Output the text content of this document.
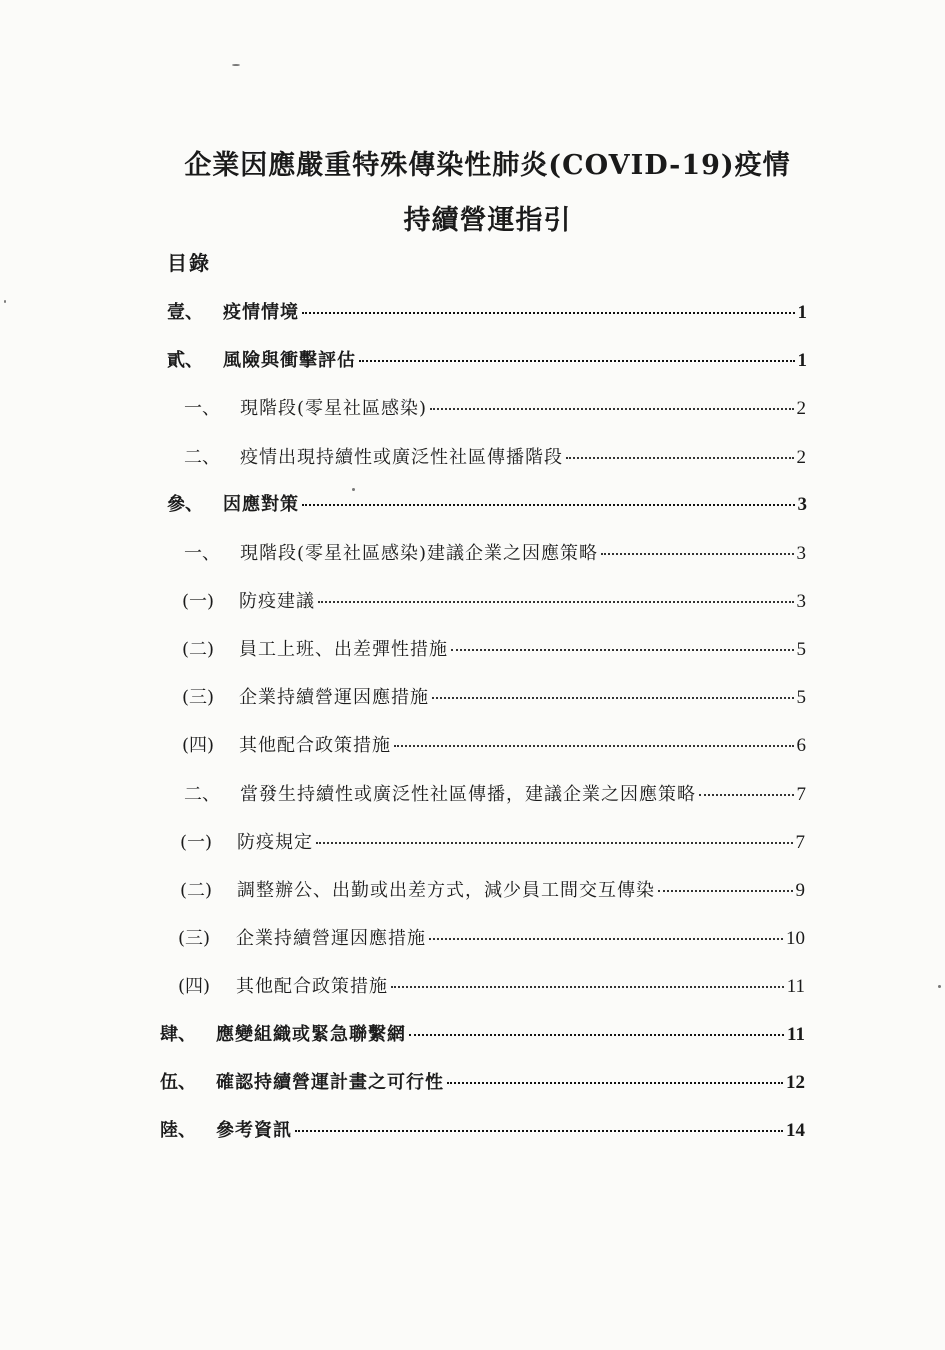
企業因應嚴重特殊傳染性肺炎(COVID-19)疫情
持續營運指引
目錄
壹、	疫情情境	1
貳、	風險與衝擊評估	1
一、	現階段(零星社區感染)	2
二、	疫情出現持續性或廣泛性社區傳播階段	2
參、	因應對策	3
一、	現階段(零星社區感染)建議企業之因應策略	3
(一)	防疫建議	3
(二)	員工上班、出差彈性措施	5
(三)	企業持續營運因應措施	5
(四)	其他配合政策措施	6
二、	當發生持續性或廣泛性社區傳播，建議企業之因應策略	7
(一)	防疫規定	7
(二)	調整辦公、出勤或出差方式，減少員工間交互傳染	9
(三)	企業持續營運因應措施	10
(四)	其他配合政策措施	11
肆、	應變組織或緊急聯繫網	11
伍、	確認持續營運計畫之可行性	12
陸、	參考資訊	14
